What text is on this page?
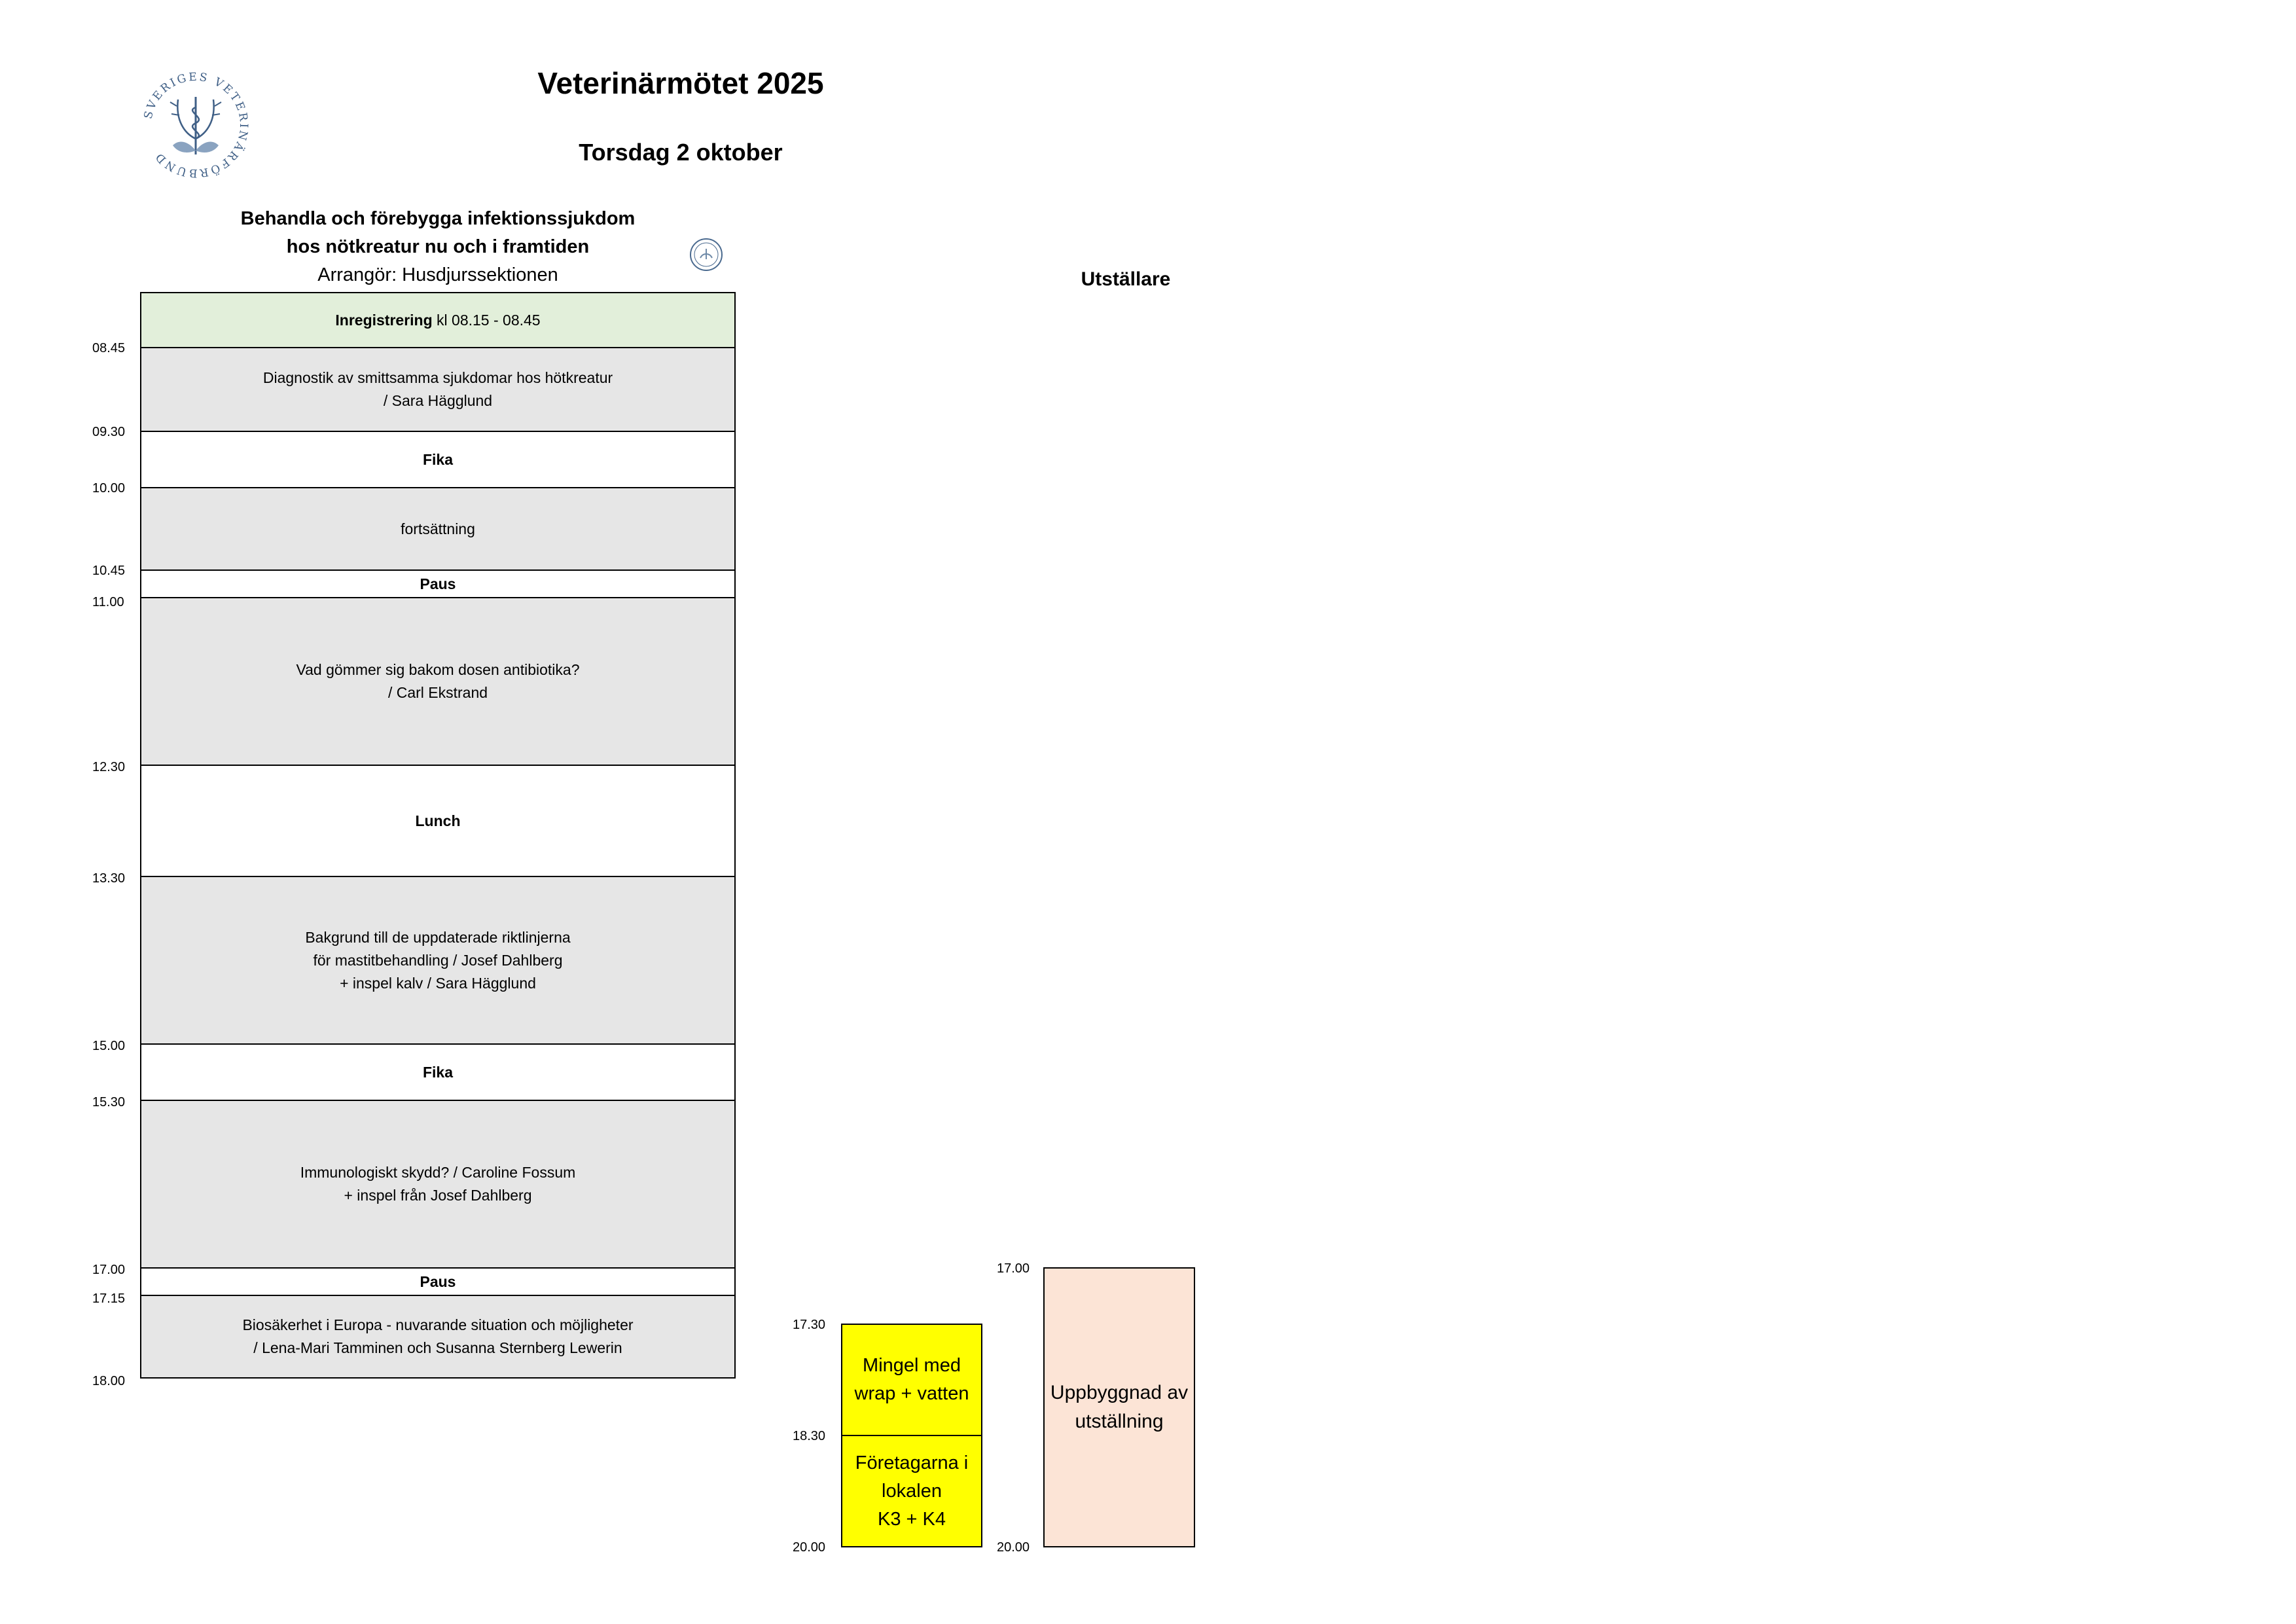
SVERIGES VETERINÄRFÖRBUND
Veterinärmötet 2025
Torsdag 2 oktober
Behandla och förebygga infektionssjukdom
hos nötkreatur nu och i framtiden
Arrangör: Husdjurssektionen	Utställare
Inregistrering kl 08.15 - 08.45
Diagnostik av smittsamma sjukdomar hos hötkreatur
/ Sara Hägglund
Fika
fortsättning
Paus
Vad gömmer sig bakom dosen antibiotika?
/ Carl Ekstrand
Lunch
Bakgrund till de uppdaterade riktlinjerna
för mastitbehandling / Josef Dahlberg
+ inspel kalv / Sara Hägglund
Fika
Immunologiskt skydd? / Caroline Fossum
+ inspel från Josef Dahlberg
Paus
Biosäkerhet i Europa - nuvarande situation och möjligheter
/ Lena-Mari Tamminen och Susanna Sternberg Lewerin
08.45
09.30
10.00
10.45
11.00
12.30
13.30
15.00
15.30
17.00
17.15
18.00
Mingel med
wrap + vatten
Företagarna i
lokalen
K3 + K4
17.30
18.30
20.00
Uppbyggnad av
utställning
17.00
20.00
